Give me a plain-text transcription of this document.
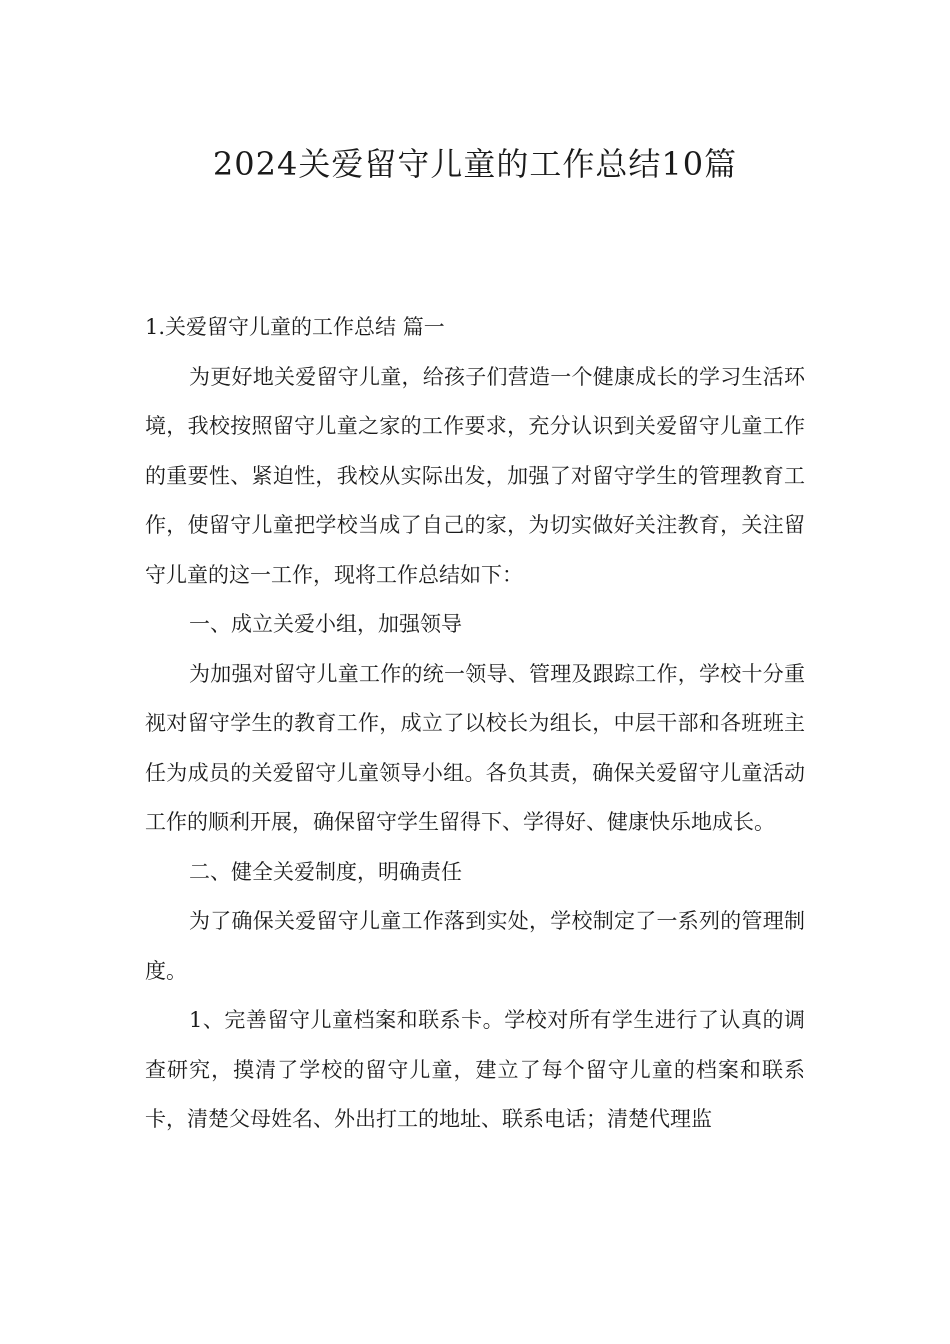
2024关爱留守儿童的工作总结10篇

1.关爱留守儿童的工作总结 篇一

为更好地关爱留守儿童，给孩子们营造一个健康成长的学习生活环境，我校按照留守儿童之家的工作要求，充分认识到关爱留守儿童工作的重要性、紧迫性，我校从实际出发，加强了对留守学生的管理教育工作，使留守儿童把学校当成了自己的家，为切实做好关注教育，关注留守儿童的这一工作，现将工作总结如下：

一、成立关爱小组，加强领导

为加强对留守儿童工作的统一领导、管理及跟踪工作，学校十分重视对留守学生的教育工作，成立了以校长为组长，中层干部和各班班主任为成员的关爱留守儿童领导小组。各负其责，确保关爱留守儿童活动工作的顺利开展，确保留守学生留得下、学得好、健康快乐地成长。

二、健全关爱制度，明确责任

为了确保关爱留守儿童工作落到实处，学校制定了一系列的管理制度。

1、完善留守儿童档案和联系卡。学校对所有学生进行了认真的调查研究，摸清了学校的留守儿童，建立了每个留守儿童的档案和联系卡，清楚父母姓名、外出打工的地址、联系电话；清楚代理监
